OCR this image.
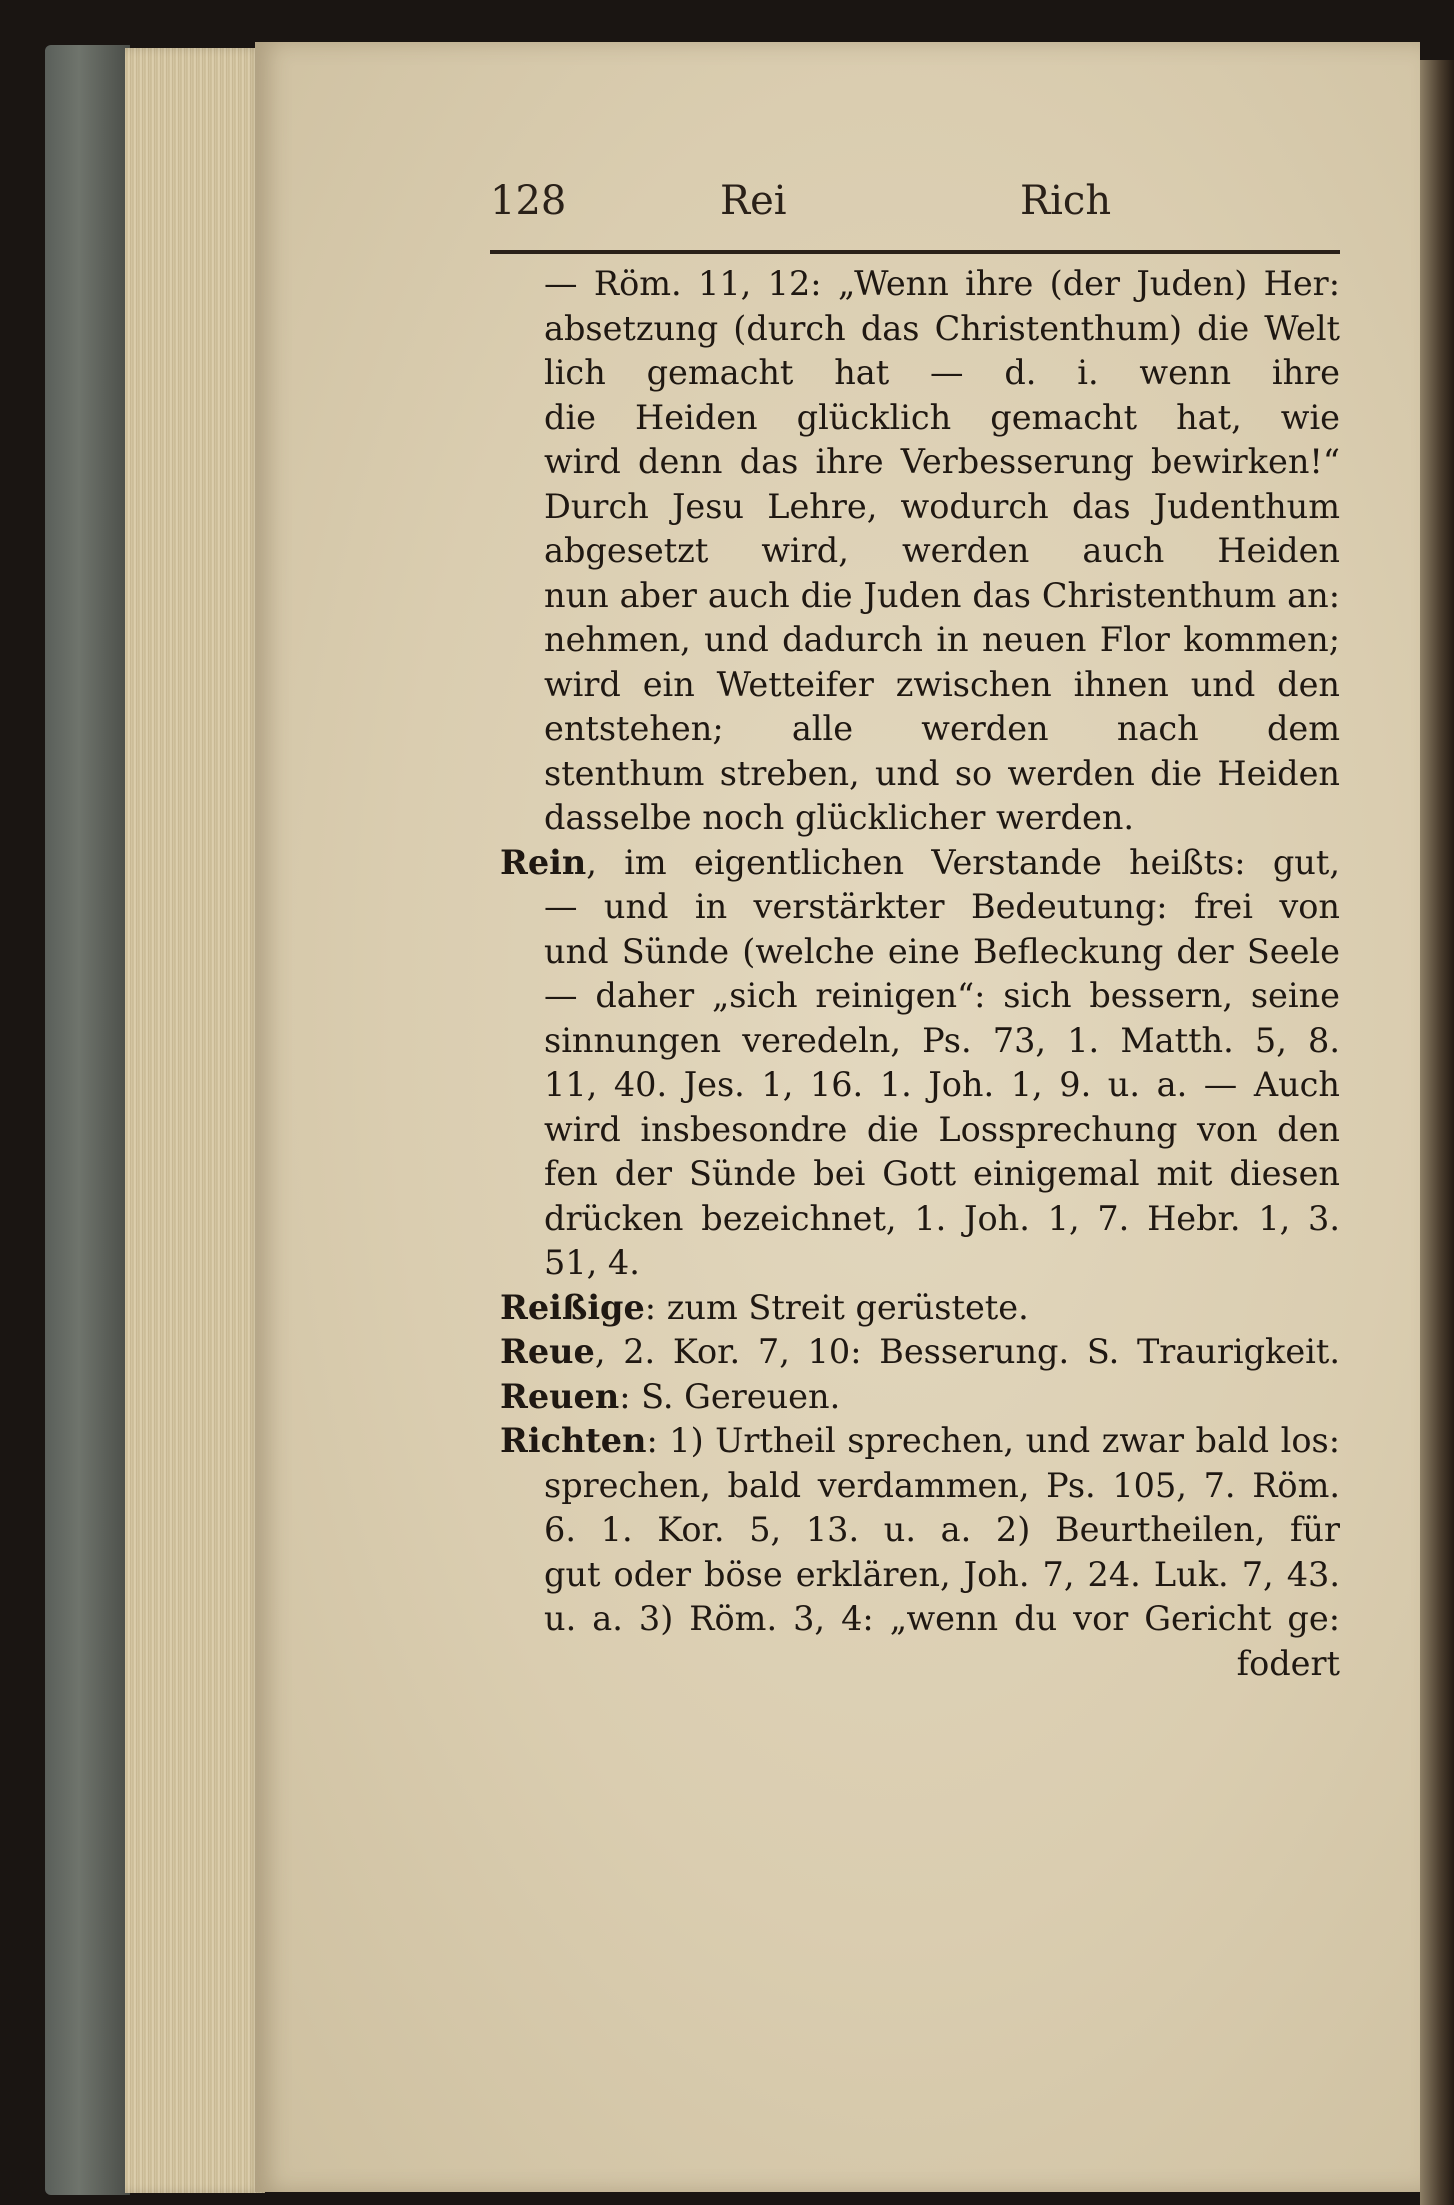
128	Rei	Rich
— Röm. 11, 12: „Wenn ihre (der Juden) Her:
absetzung (durch das Christenthum) die Welt
lich gemacht hat — d. i. wenn ihre
die Heiden glücklich gemacht hat, wie
wird denn das ihre Verbesserung bewirken!“
Durch Jesu Lehre, wodurch das Judenthum
abgesetzt wird, werden auch Heiden
nun aber auch die Juden das Christenthum an:
nehmen, und dadurch in neuen Flor kommen;
wird ein Wetteifer zwischen ihnen und den
entstehen; alle werden nach dem
stenthum streben, und so werden die Heiden
dasselbe noch glücklicher werden.
Rein, im eigentlichen Verstande heißts: gut,
— und in verstärkter Bedeutung: frei von
und Sünde (welche eine Befleckung der Seele
— daher „sich reinigen“: sich bessern, seine
sinnungen veredeln, Ps. 73, 1. Matth. 5, 8.
11, 40. Jes. 1, 16. 1. Joh. 1, 9. u. a. — Auch
wird insbesondre die Lossprechung von den
fen der Sünde bei Gott einigemal mit diesen
drücken bezeichnet, 1. Joh. 1, 7. Hebr. 1, 3.
51, 4.
Reißige: zum Streit gerüstete.
Reue, 2. Kor. 7, 10: Besserung. S. Traurigkeit.
Reuen: S. Gereuen.
Richten: 1) Urtheil sprechen, und zwar bald los:
sprechen, bald verdammen, Ps. 105, 7. Röm.
6. 1. Kor. 5, 13. u. a. 2) Beurtheilen, für
gut oder böse erklären, Joh. 7, 24. Luk. 7, 43.
u. a. 3) Röm. 3, 4: „wenn du vor Gericht ge:
fodert
